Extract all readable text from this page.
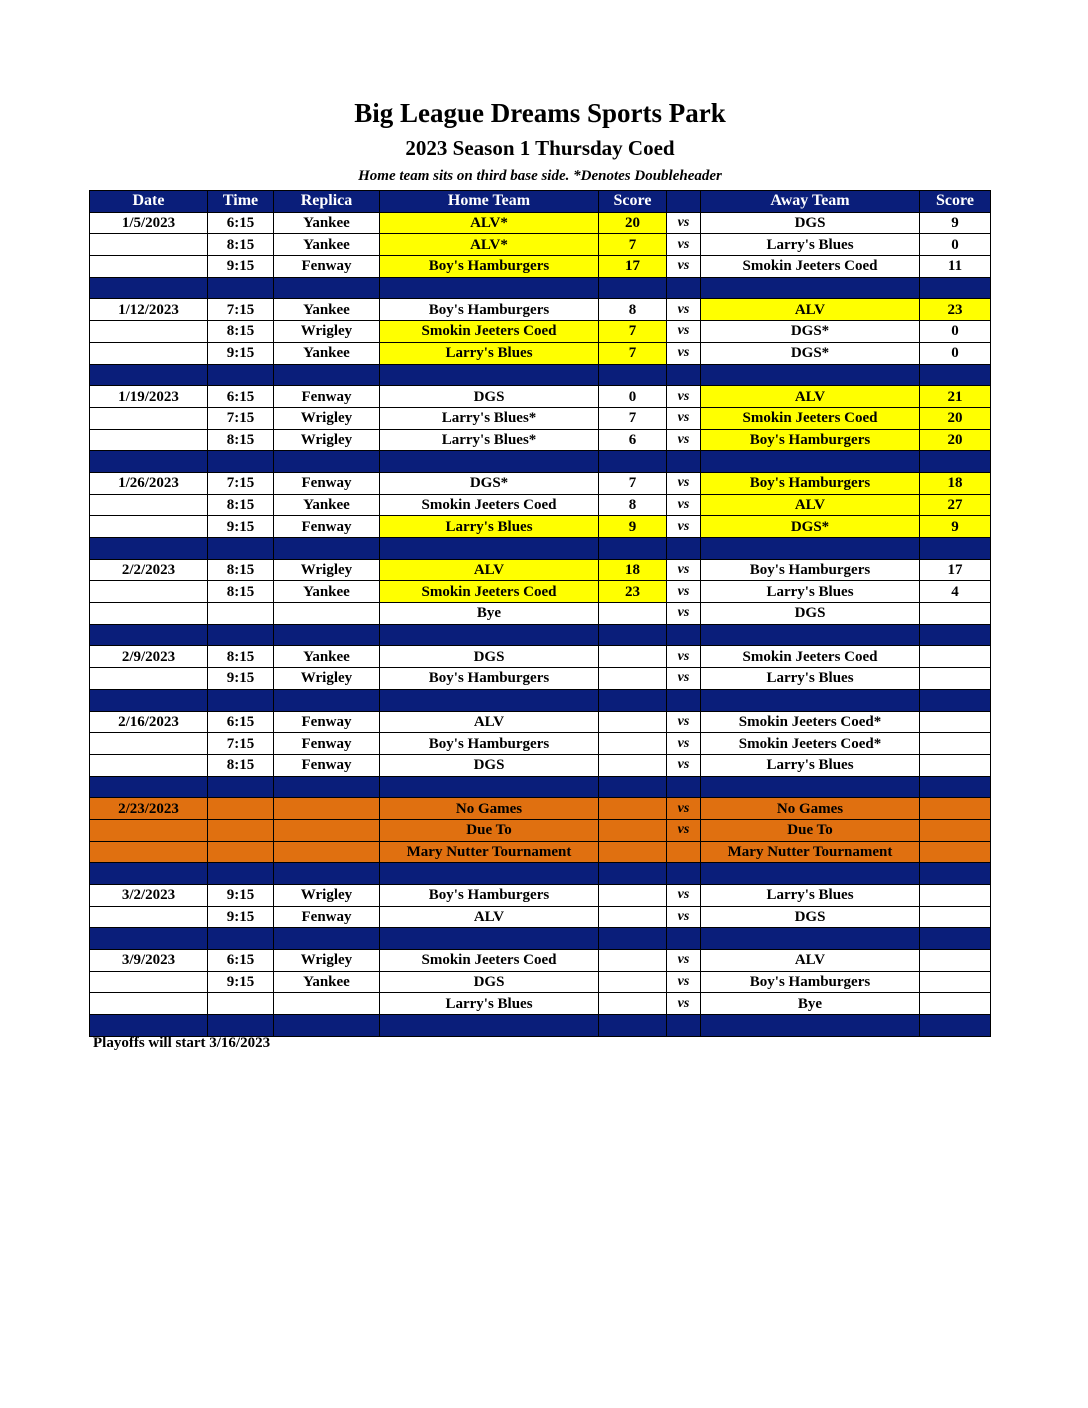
Big League Dreams Sports Park
2023 Season 1 Thursday Coed
Home team sits on third base side. *Denotes Doubleheader
Date	Time	Replica	Home Team	Score		Away Team	Score
1/5/2023	6:15	Yankee	ALV*	20	vs	DGS	9
	8:15	Yankee	ALV*	7	vs	Larry's Blues	0
	9:15	Fenway	Boy's Hamburgers	17	vs	Smokin Jeeters Coed	11

1/12/2023	7:15	Yankee	Boy's Hamburgers	8	vs	ALV	23
	8:15	Wrigley	Smokin Jeeters Coed	7	vs	DGS*	0
	9:15	Yankee	Larry's Blues	7	vs	DGS*	0

1/19/2023	6:15	Fenway	DGS	0	vs	ALV	21
	7:15	Wrigley	Larry's Blues*	7	vs	Smokin Jeeters Coed	20
	8:15	Wrigley	Larry's Blues*	6	vs	Boy's Hamburgers	20

1/26/2023	7:15	Fenway	DGS*	7	vs	Boy's Hamburgers	18
	8:15	Yankee	Smokin Jeeters Coed	8	vs	ALV	27
	9:15	Fenway	Larry's Blues	9	vs	DGS*	9

2/2/2023	8:15	Wrigley	ALV	18	vs	Boy's Hamburgers	17
	8:15	Yankee	Smokin Jeeters Coed	23	vs	Larry's Blues	4
			Bye		vs	DGS	

2/9/2023	8:15	Yankee	DGS		vs	Smokin Jeeters Coed	
	9:15	Wrigley	Boy's Hamburgers		vs	Larry's Blues	

2/16/2023	6:15	Fenway	ALV		vs	Smokin Jeeters Coed*	
	7:15	Fenway	Boy's Hamburgers		vs	Smokin Jeeters Coed*	
	8:15	Fenway	DGS		vs	Larry's Blues	

2/23/2023			No Games		vs	No Games	
			Due To		vs	Due To	
			Mary Nutter Tournament			Mary Nutter Tournament	

3/2/2023	9:15	Wrigley	Boy's Hamburgers		vs	Larry's Blues	
	9:15	Fenway	ALV		vs	DGS	

3/9/2023	6:15	Wrigley	Smokin Jeeters Coed		vs	ALV	
	9:15	Yankee	DGS		vs	Boy's Hamburgers	
			Larry's Blues		vs	Bye	

Playoffs will start 3/16/2023
